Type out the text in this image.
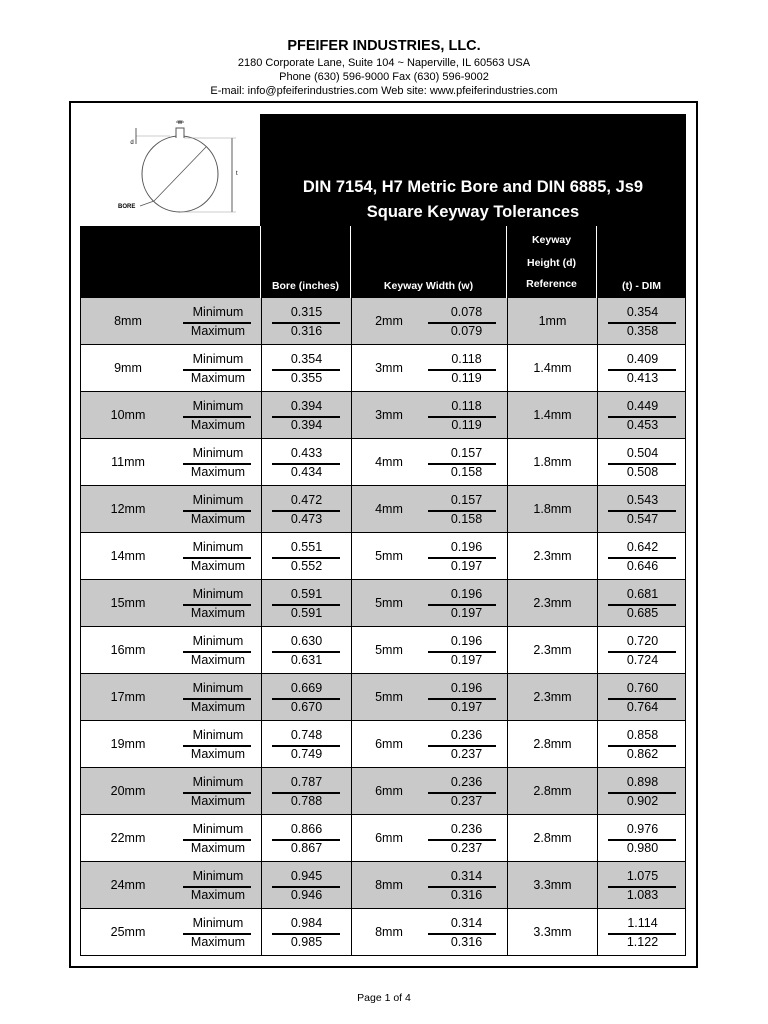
PFEIFER INDUSTRIES, LLC.
2180 Corporate Lane, Suite 104 ~ Naperville, IL 60563 USA
Phone (630) 596-9000 Fax (630) 596-9002
E-mail: info@pfeiferindustries.com Web site: www.pfeiferindustries.com
W
d
t
BORE
DIN 7154, H7 Metric Bore and DIN 6885, Js9
Square Keyway Tolerances
Bore (inches)	Keyway Width (w)
Keyway
Height (d)
Reference	(t) - DIM
8mm
Minimum
Maximum
0.315
0.316
2mm
0.078
0.079
1mm
0.354
0.358
9mm
Minimum
Maximum
0.354
0.355
3mm
0.118
0.119
1.4mm
0.409
0.413
10mm
Minimum
Maximum
0.394
0.394
3mm
0.118
0.119
1.4mm
0.449
0.453
11mm
Minimum
Maximum
0.433
0.434
4mm
0.157
0.158
1.8mm
0.504
0.508
12mm
Minimum
Maximum
0.472
0.473
4mm
0.157
0.158
1.8mm
0.543
0.547
14mm
Minimum
Maximum
0.551
0.552
5mm
0.196
0.197
2.3mm
0.642
0.646
15mm
Minimum
Maximum
0.591
0.591
5mm
0.196
0.197
2.3mm
0.681
0.685
16mm
Minimum
Maximum
0.630
0.631
5mm
0.196
0.197
2.3mm
0.720
0.724
17mm
Minimum
Maximum
0.669
0.670
5mm
0.196
0.197
2.3mm
0.760
0.764
19mm
Minimum
Maximum
0.748
0.749
6mm
0.236
0.237
2.8mm
0.858
0.862
20mm
Minimum
Maximum
0.787
0.788
6mm
0.236
0.237
2.8mm
0.898
0.902
22mm
Minimum
Maximum
0.866
0.867
6mm
0.236
0.237
2.8mm
0.976
0.980
24mm
Minimum
Maximum
0.945
0.946
8mm
0.314
0.316
3.3mm
1.075
1.083
25mm
Minimum
Maximum
0.984
0.985
8mm
0.314
0.316
3.3mm
1.114
1.122
Page 1 of 4
